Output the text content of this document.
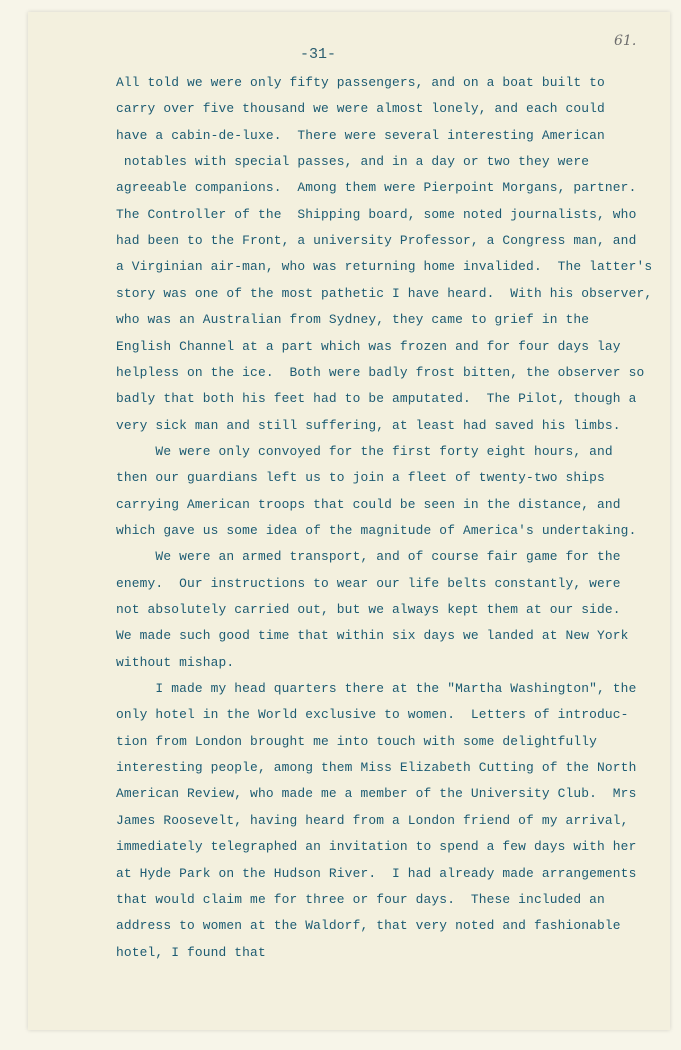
-31-
61.
All told we were only fifty passengers, and on a boat built to
carry over five thousand we were almost lonely, and each could
have a cabin-de-luxe.  There were several interesting American
notables with special passes, and in a day or two they were
agreeable companions.  Among them were Pierpoint Morgans, partner.
The Controller of the  Shipping board, some noted journalists, who
had been to the Front, a university Professor, a Congress man, and
a Virginian air-man, who was returning home invalided.  The latter's
story was one of the most pathetic I have heard.  With his observer,
who was an Australian from Sydney, they came to grief in the
English Channel at a part which was frozen and for four days lay
helpless on the ice.  Both were badly frost bitten, the observer so
badly that both his feet had to be amputated.  The Pilot, though a
very sick man and still suffering, at least had saved his limbs.
We were only convoyed for the first forty eight hours, and
then our guardians left us to join a fleet of twenty-two ships
carrying American troops that could be seen in the distance, and
which gave us some idea of the magnitude of America's undertaking.
We were an armed transport, and of course fair game for the
enemy.  Our instructions to wear our life belts constantly, were
not absolutely carried out, but we always kept them at our side.
We made such good time that within six days we landed at New York
without mishap.
I made my head quarters there at the "Martha Washington", the
only hotel in the World exclusive to women.  Letters of introduc-
tion from London brought me into touch with some delightfully
interesting people, among them Miss Elizabeth Cutting of the North
American Review, who made me a member of the University Club.  Mrs
James Roosevelt, having heard from a London friend of my arrival,
immediately telegraphed an invitation to spend a few days with her
at Hyde Park on the Hudson River.  I had already made arrangements
that would claim me for three or four days.  These included an
address to women at the Waldorf, that very noted and fashionable
hotel, I found that
